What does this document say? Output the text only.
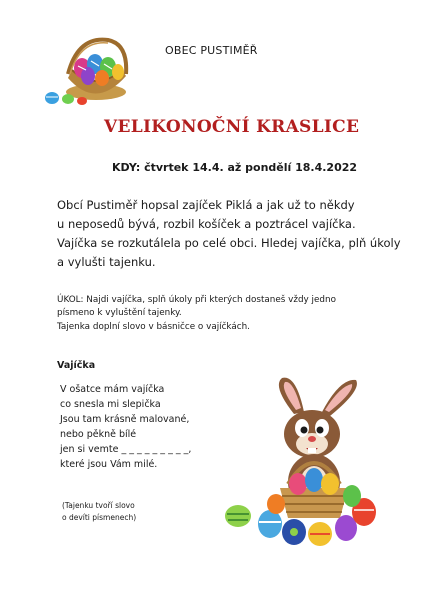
OBEC PUSTIMĚŘ
VELIKONOČNÍ KRASLICE
KDY: čtvrtek 14.4. až pondělí 18.4.2022
Obcí Pustiměř hopsal zajíček Piklá a jak už to někdy
u neposedů bývá, rozbil košíček a poztrácel vajíčka.
Vajíčka se rozkutálela po celé obci. Hledej vajíčka, plň úkoly
a vylušti tajenku.
ÚKOL: Najdi vajíčka, splň úkoly při kterých dostaneš vždy jedno
písmeno k vyluštění tajenky.
Tajenka doplní slovo v básničce o vajíčkách.
Vajíčka
V ošatce mám vajíčka
co snesla mi slepička
Jsou tam krásně malované,
nebo pěkně bílé
jen si vemte _ _ _ _ _ _ _ _ _,
které jsou Vám milé.
(Tajenku tvoří slovo
o devíti písmenech)
